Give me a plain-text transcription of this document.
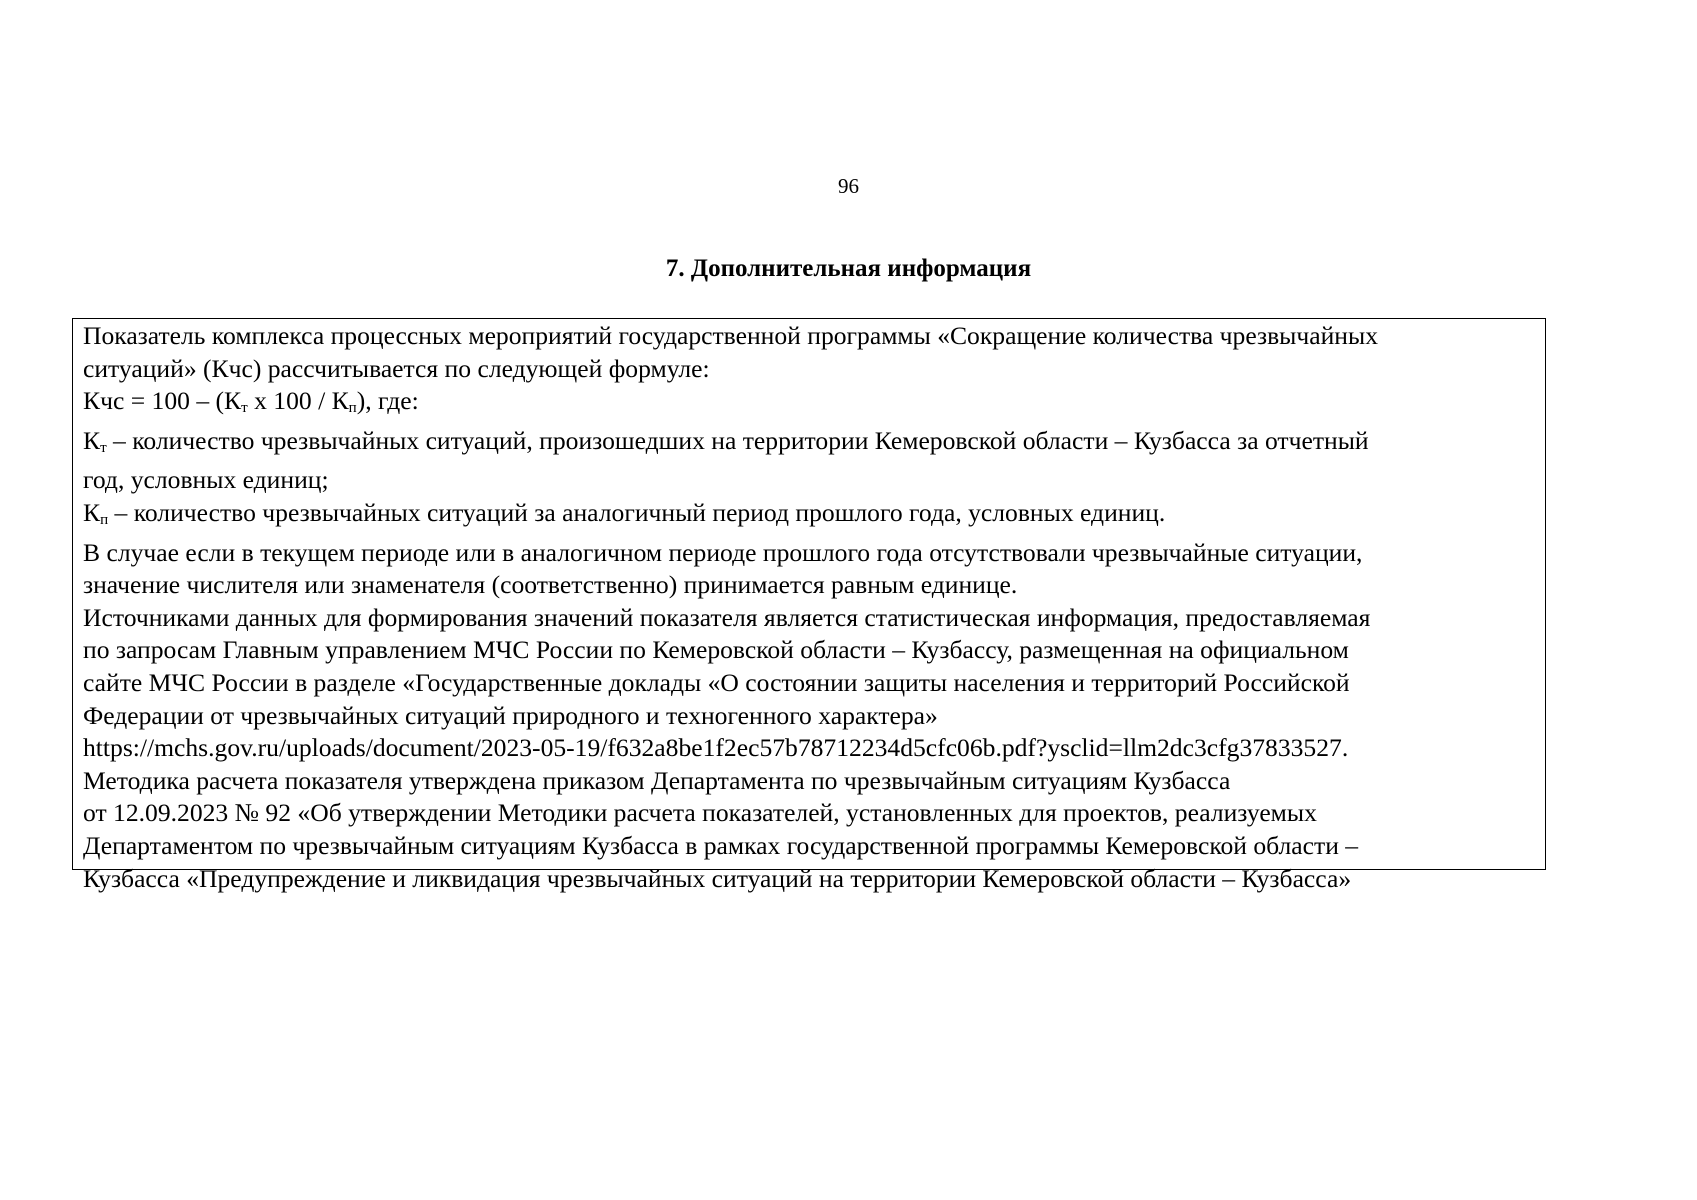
96
7. Дополнительная информация
Показатель комплекса процессных мероприятий государственной программы «Сокращение количества чрезвычайных
ситуаций» (Кчс) рассчитывается по следующей формуле:
Кчс = $100 - (К_т$ х $100 / К_п$), где:
$К_т$ – количество чрезвычайных ситуаций, произошедших на территории Кемеровской области – Кузбасса за отчетный
год, условных единиц;
$К_п$ – количество чрезвычайных ситуаций за аналогичный период прошлого года, условных единиц.
В случае если в текущем периоде или в аналогичном периоде прошлого года отсутствовали чрезвычайные ситуации,
значение числителя или знаменателя (соответственно) принимается равным единице.
Источниками данных для формирования значений показателя является статистическая информация, предоставляемая
по запросам Главным управлением МЧС России по Кемеровской области – Кузбассу, размещенная на официальном
сайте МЧС России в разделе «Государственные доклады «О состоянии защиты населения и территорий Российской
Федерации от чрезвычайных ситуаций природного и техногенного характера»
https://mchs.gov.ru/uploads/document/2023-05-19/f632a8be1f2ec57b78712234d5cfc06b.pdf?ysclid=llm2dc3cfg37833527.
Методика расчета показателя утверждена приказом Департамента по чрезвычайным ситуациям Кузбасса
от 12.09.2023 № 92 «Об утверждении Методики расчета показателей, установленных для проектов, реализуемых
Департаментом по чрезвычайным ситуациям Кузбасса в рамках государственной программы Кемеровской области –
Кузбасса «Предупреждение и ликвидация чрезвычайных ситуаций на территории Кемеровской области – Кузбасса»
